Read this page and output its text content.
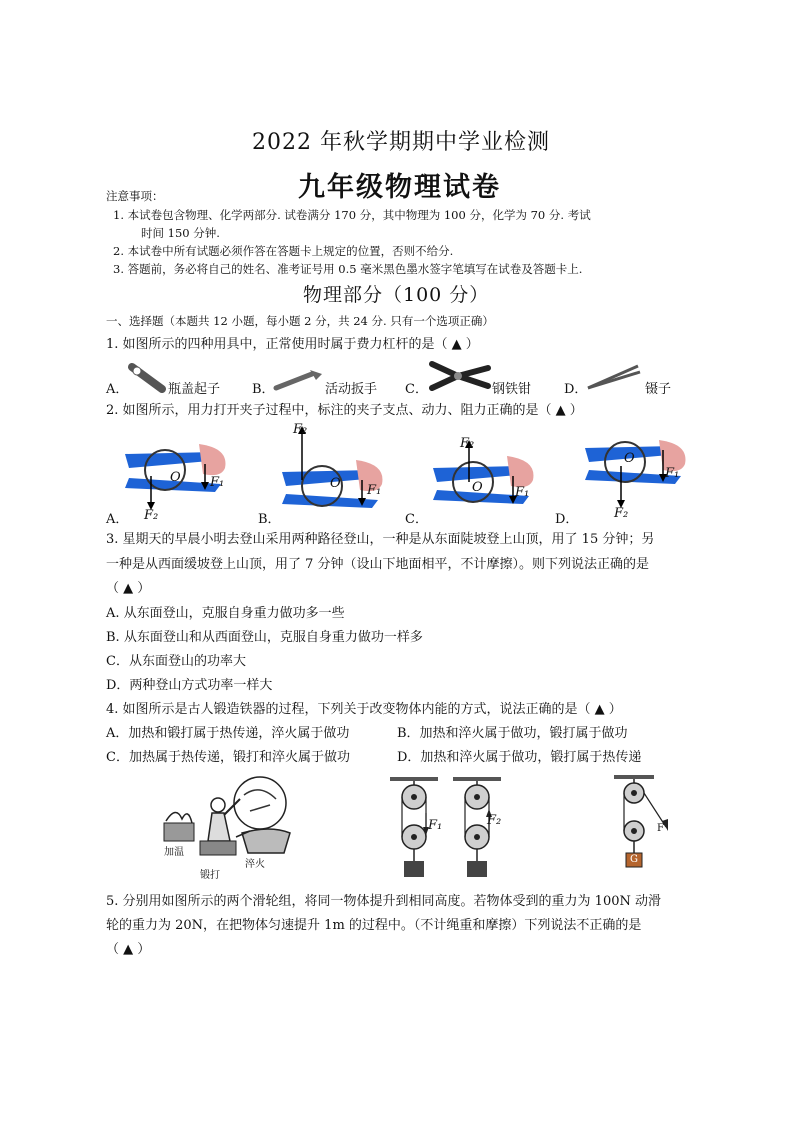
2022 年秋学期期中学业检测
九年级物理试卷
注意事项：
1. 本试卷包含物理、化学两部分. 试卷满分 170 分，其中物理为 100 分，化学为 70 分. 考试
时间 150 分钟.
2. 本试卷中所有试题必须作答在答题卡上规定的位置，否则不给分.
3. 答题前，务必将自己的姓名、准考证号用 0.5 毫米黑色墨水签字笔填写在试卷及答题卡上.
物理部分（100 分）
一、选择题（本题共 12 小题，每小题 2 分，共 24 分. 只有一个选项正确）
1. 如图所示的四种用具中，正常使用时属于费力杠杆的是（ ▲ ）
A．	瓶盖起子 B．	活动扳手 C．	钢铁钳	D．	镊子
2. 如图所示，用力打开夹子过程中，标注的夹子支点、动力、阻力正确的是（ ▲ ）
O F₁
F₂
A．
F₂
O F₁
B．
F₂
O F₁
C．
O
F₁
F₂
D．
3. 星期天的早晨小明去登山采用两种路径登山，一种是从东面陡坡登上山顶，用了 15 分钟；另
一种是从西面缓坡登上山顶，用了 7 分钟（设山下地面相平，不计摩擦）。则下列说法正确的是
（ ▲ ）
A. 从东面登山，克服自身重力做功多一些
B. 从东面登山和从西面登山，克服自身重力做功一样多
C．从东面登山的功率大
D．两种登山方式功率一样大
4. 如图所示是古人锻造铁器的过程，下列关于改变物体内能的方式，说法正确的是（ ▲ ）
A．加热和锻打属于热传递，淬火属于做功	B．加热和淬火属于做功，锻打属于做功
C．加热属于热传递，锻打和淬火属于做功	D．加热和淬火属于做功，锻打属于热传递
加温
锻打
淬火
F₁	F₂
F
G
5. 分别用如图所示的两个滑轮组，将同一物体提升到相同高度。若物体受到的重力为 100N 动滑
轮的重力为 20N，在把物体匀速提升 1m 的过程中。（不计绳重和摩擦）下列说法不正确的是
（ ▲ ）
